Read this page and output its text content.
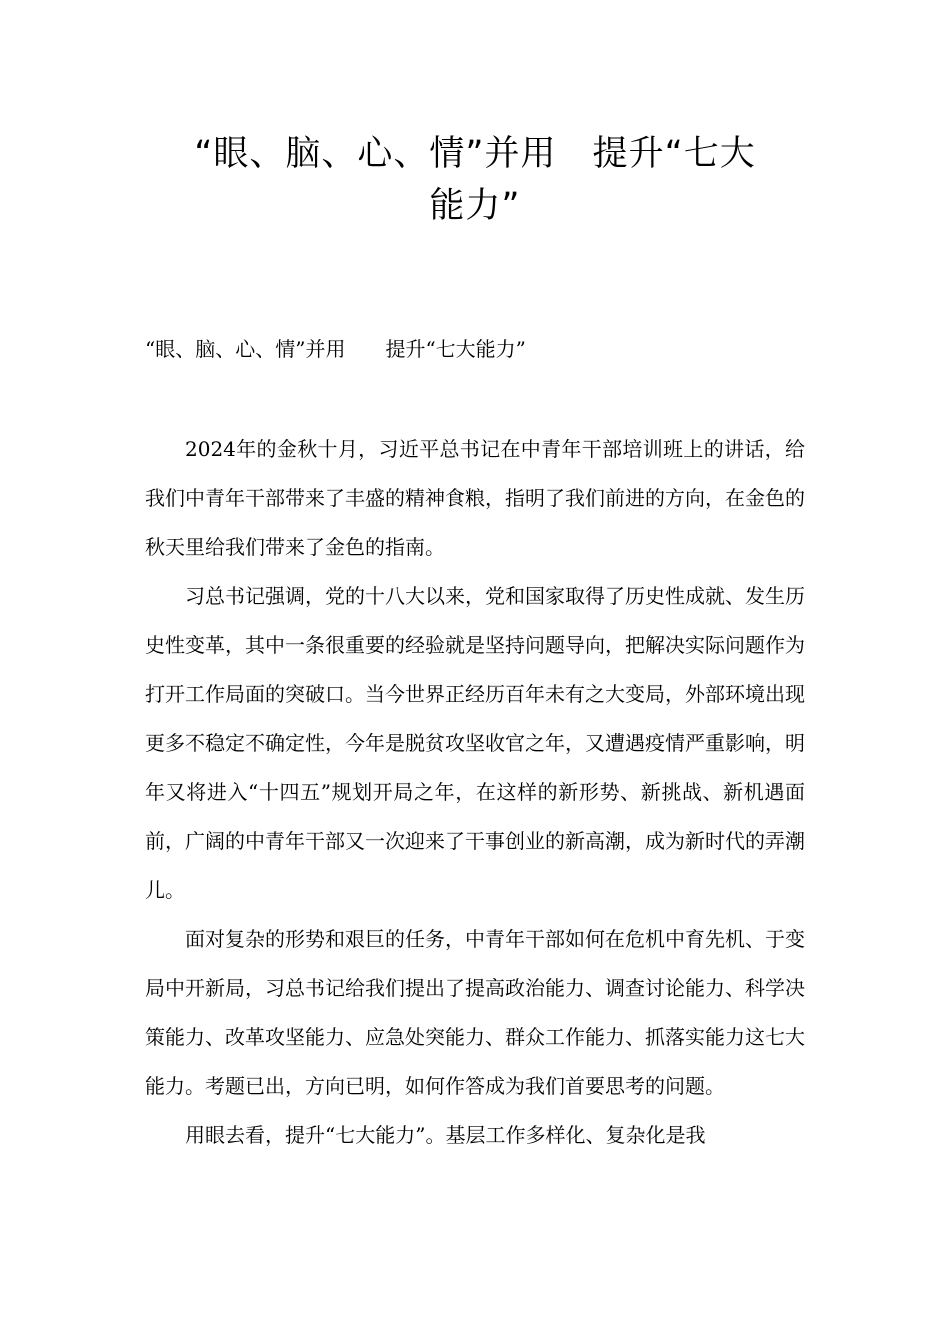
“眼、脑、心、情”并用　提升“七大
能力”
“眼、脑、心、情”并用　　提升“七大能力”

2024年的金秋十月，习近平总书记在中青年干部培训班上的讲话，给我们中青年干部带来了丰盛的精神食粮，指明了我们前进的方向，在金色的秋天里给我们带来了金色的指南。

习总书记强调，党的十八大以来，党和国家取得了历史性成就、发生历史性变革，其中一条很重要的经验就是坚持问题导向，把解决实际问题作为打开工作局面的突破口。当今世界正经历百年未有之大变局，外部环境出现更多不稳定不确定性，今年是脱贫攻坚收官之年，又遭遇疫情严重影响，明年又将进入“十四五”规划开局之年，在这样的新形势、新挑战、新机遇面前，广阔的中青年干部又一次迎来了干事创业的新高潮，成为新时代的弄潮儿。

面对复杂的形势和艰巨的任务，中青年干部如何在危机中育先机、于变局中开新局，习总书记给我们提出了提高政治能力、调查讨论能力、科学决策能力、改革攻坚能力、应急处突能力、群众工作能力、抓落实能力这七大能力。考题已出，方向已明，如何作答成为我们首要思考的问题。

用眼去看，提升“七大能力”。基层工作多样化、复杂化是我
